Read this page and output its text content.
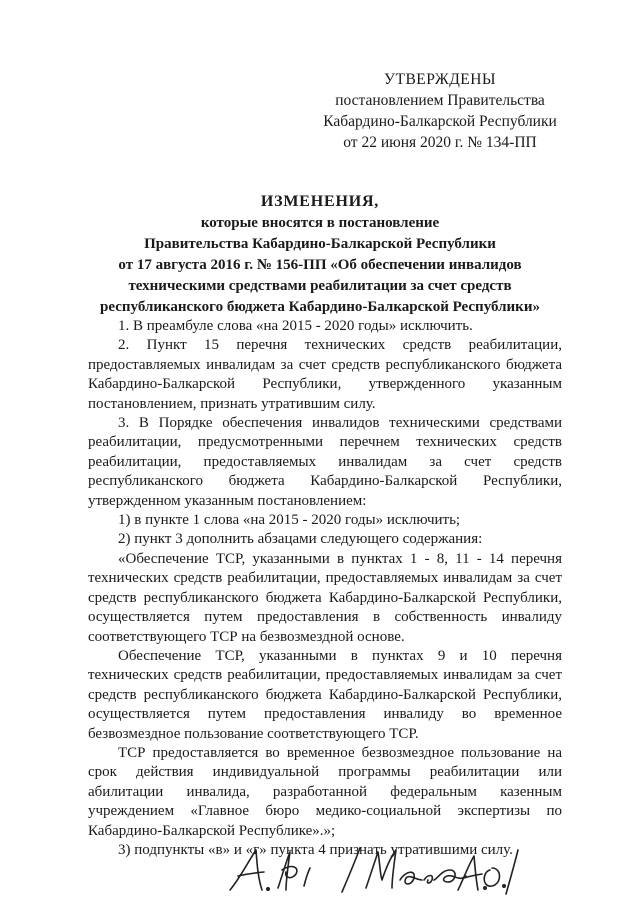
УТВЕРЖДЕНЫ
постановлением Правительства
Кабардино-Балкарской Республики
от 22 июня 2020 г. № 134-ПП
ИЗМЕНЕНИЯ,
которые вносятся в постановление
Правительства Кабардино-Балкарской Республики
от 17 августа 2016 г. № 156-ПП «Об обеспечении инвалидов
техническими средствами реабилитации за счет средств
республиканского бюджета Кабардино-Балкарской Республики»

1. В преамбуле слова «на 2015 - 2020 годы» исключить.

2. Пункт 15 перечня технических средств реабилитации, предоставляемых инвалидам за счет средств республиканского бюджета Кабардино-Балкарской Республики, утвержденного указанным постановлением, признать утратившим силу.

3. В Порядке обеспечения инвалидов техническими средствами реабилитации, предусмотренными перечнем технических средств реабилитации, предоставляемых инвалидам за счет средств республиканского бюджета Кабардино-Балкарской Республики, утвержденном указанным постановлением:

1) в пункте 1 слова «на 2015 - 2020 годы» исключить;

2) пункт 3 дополнить абзацами следующего содержания:

«Обеспечение ТСР, указанными в пунктах 1 - 8, 11 - 14 перечня технических средств реабилитации, предоставляемых инвалидам за счет средств республиканского бюджета Кабардино-Балкарской Республики, осуществляется путем предоставления в собственность инвалиду соответствующего ТСР на безвозмездной основе.

Обеспечение ТСР, указанными в пунктах 9 и 10 перечня технических средств реабилитации, предоставляемых инвалидам за счет средств республиканского бюджета Кабардино-Балкарской Республики, осуществляется путем предоставления инвалиду во временное безвозмездное пользование соответствующего ТСР.

ТСР предоставляется во временное безвозмездное пользование на срок действия индивидуальной программы реабилитации или абилитации инвалида, разработанной федеральным казенным учреждением «Главное бюро медико-социальной экспертизы по Кабардино-Балкарской Республике».»;

3) подпункты «в» и «г» пункта 4 признать утратившими силу.
